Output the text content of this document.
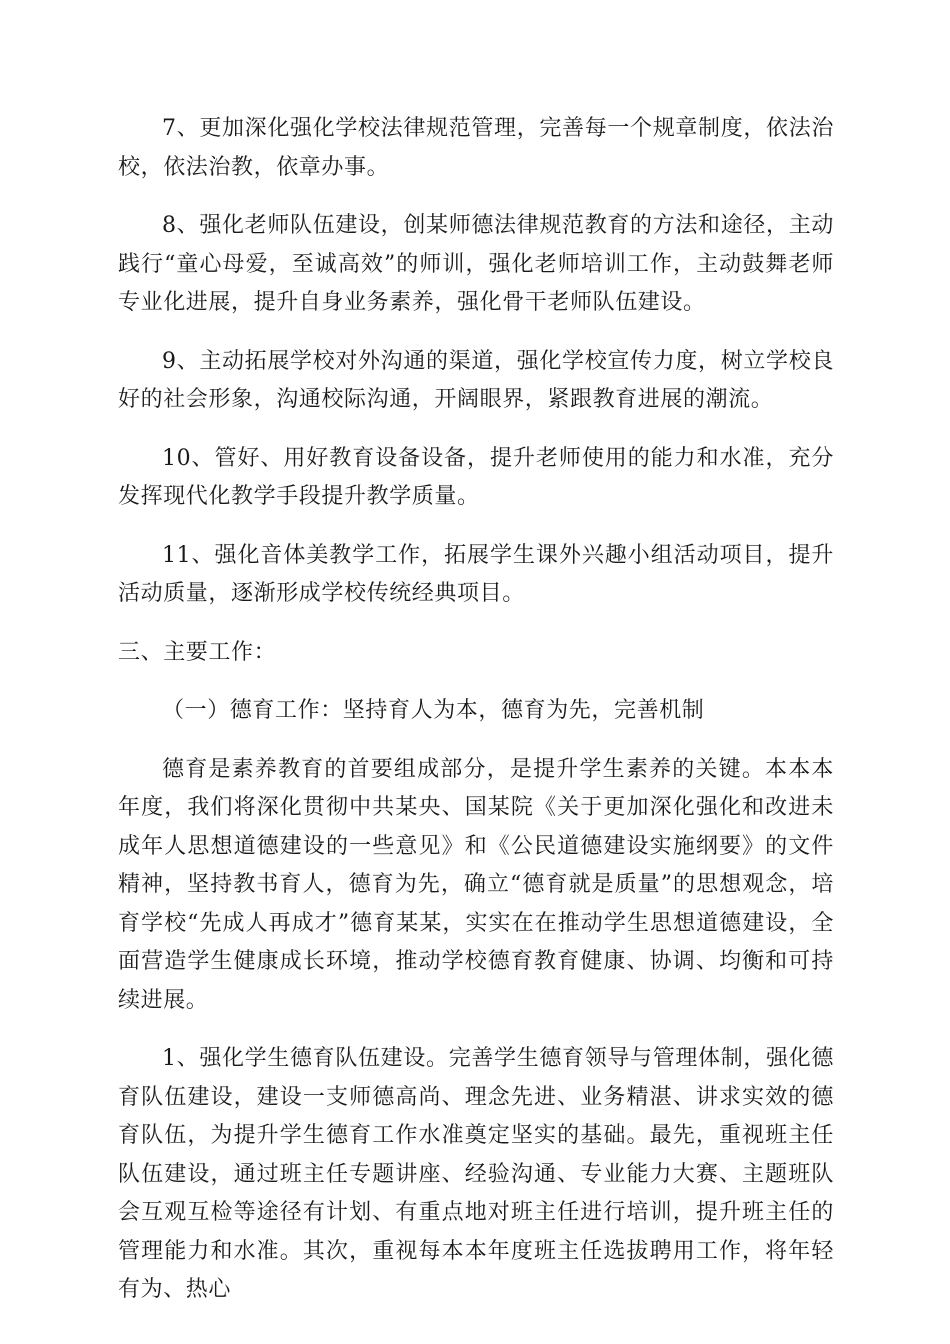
7、更加深化强化学校法律规范管理，完善每一个规章制度，依法治校，依法治教，依章办事。

8、强化老师队伍建设，创某师德法律规范教育的方法和途径，主动践行“童心母爱，至诚高效”的师训，强化老师培训工作，主动鼓舞老师专业化进展，提升自身业务素养，强化骨干老师队伍建设。

9、主动拓展学校对外沟通的渠道，强化学校宣传力度，树立学校良好的社会形象，沟通校际沟通，开阔眼界，紧跟教育进展的潮流。

10、管好、用好教育设备设备，提升老师使用的能力和水准，充分发挥现代化教学手段提升教学质量。

11、强化音体美教学工作，拓展学生课外兴趣小组活动项目，提升活动质量，逐渐形成学校传统经典项目。

三、主要工作：

（一）德育工作：坚持育人为本，德育为先，完善机制

德育是素养教育的首要组成部分，是提升学生素养的关键。本本本年度，我们将深化贯彻中共某央、国某院《关于更加深化强化和改进未成年人思想道德建设的一些意见》和《公民道德建设实施纲要》的文件精神，坚持教书育人，德育为先，确立“德育就是质量”的思想观念，培育学校“先成人再成才”德育某某，实实在在推动学生思想道德建设，全面营造学生健康成长环境，推动学校德育教育健康、协调、均衡和可持续进展。

1、强化学生德育队伍建设。完善学生德育领导与管理体制，强化德育队伍建设，建设一支师德高尚、理念先进、业务精湛、讲求实效的德育队伍，为提升学生德育工作水准奠定坚实的基础。最先，重视班主任队伍建设，通过班主任专题讲座、经验沟通、专业能力大赛、主题班队会互观互检等途径有计划、有重点地对班主任进行培训，提升班主任的管理能力和水准。其次，重视每本本年度班主任选拔聘用工作，将年轻有为、热心
